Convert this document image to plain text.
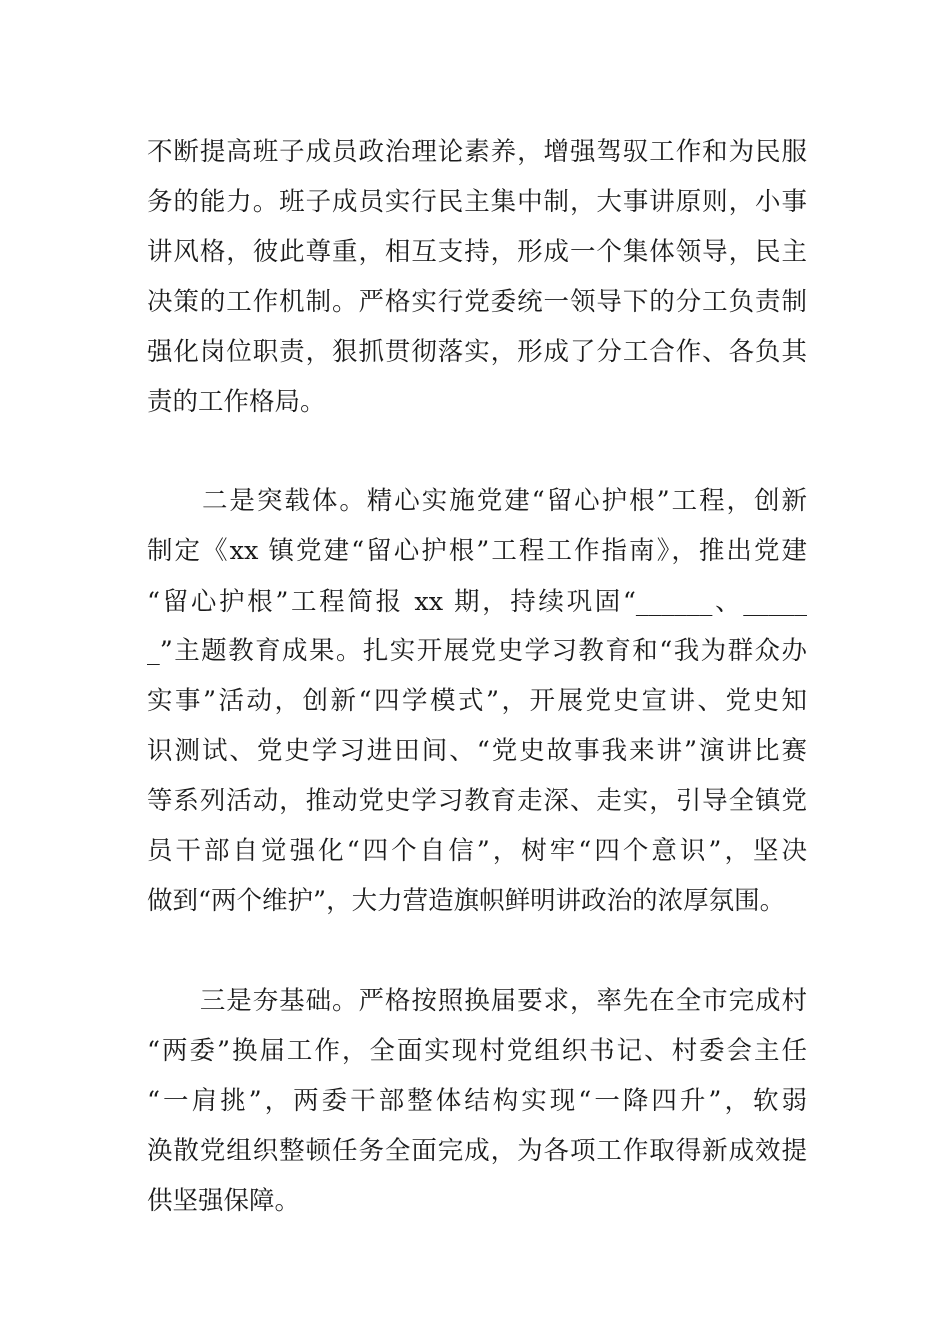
不断提高班子成员政治理论素养，增强驾驭工作和为民服
务的能力。班子成员实行民主集中制，大事讲原则，小事
讲风格，彼此尊重，相互支持，形成一个集体领导，民主
决策的工作机制。严格实行党委统一领导下的分工负责制
强化岗位职责，狠抓贯彻落实，形成了分工合作、各负其
责的工作格局。
　　二是突载体。精心实施党建“留心护根”工程，创新
制定《xx 镇党建“留心护根”工程工作指南》，推出党建
“留心护根”工程简报 xx 期，持续巩固“______、_____
_”主题教育成果。扎实开展党史学习教育和“我为群众办
实事”活动，创新“四学模式”，开展党史宣讲、党史知
识测试、党史学习进田间、“党史故事我来讲”演讲比赛
等系列活动，推动党史学习教育走深、走实，引导全镇党
员干部自觉强化“四个自信”，树牢“四个意识”，坚决
做到“两个维护”，大力营造旗帜鲜明讲政治的浓厚氛围。
　　三是夯基础。严格按照换届要求，率先在全市完成村
“两委”换届工作，全面实现村党组织书记、村委会主任
“一肩挑”，两委干部整体结构实现“一降四升”，软弱
涣散党组织整顿任务全面完成，为各项工作取得新成效提
供坚强保障。
